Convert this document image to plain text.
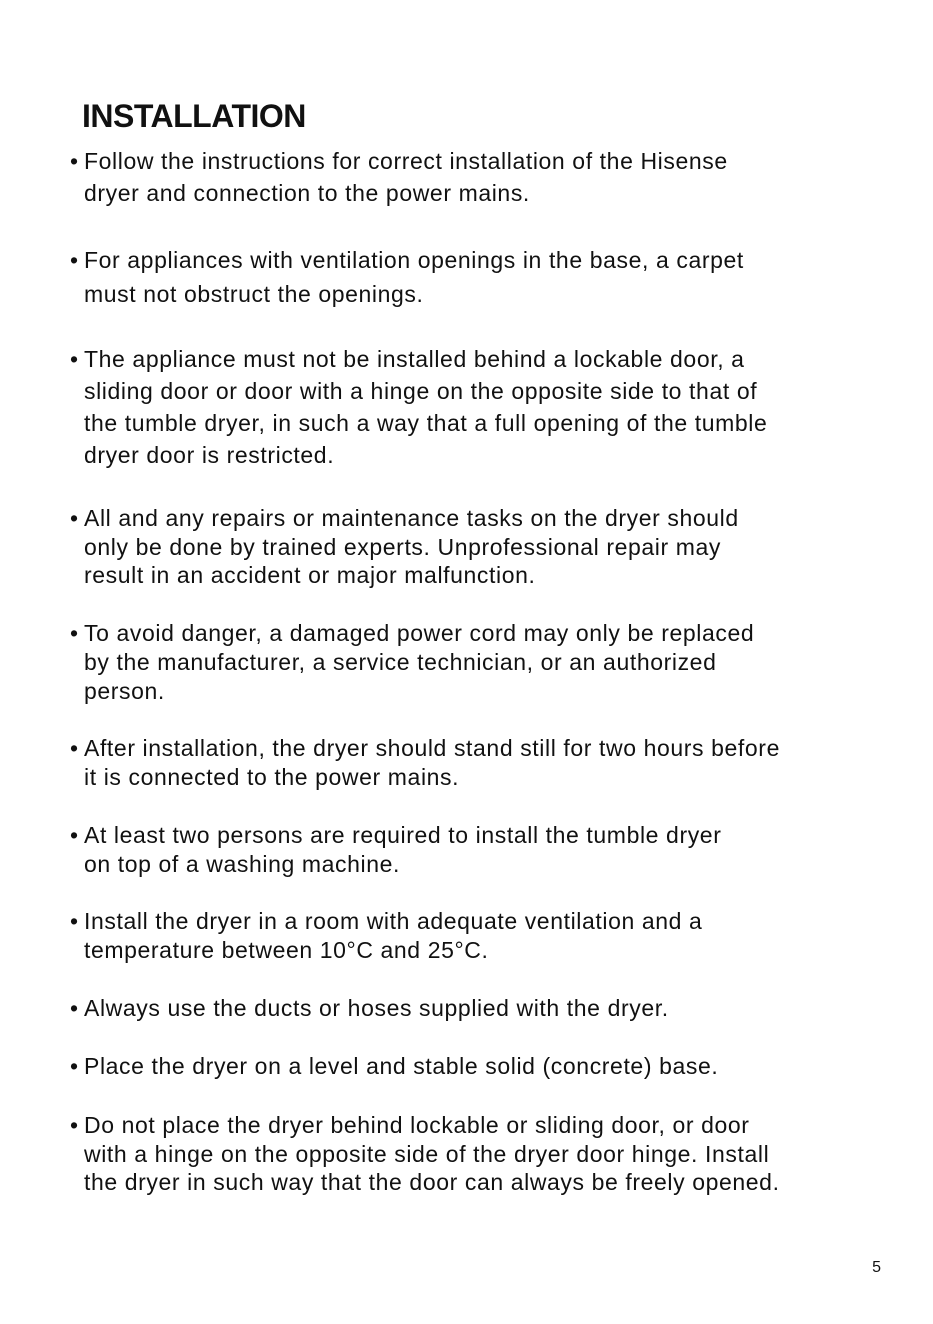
INSTALLATION
• Follow the instructions for correct installation of the Hisense
dryer and connection to the power mains.
• For appliances with ventilation openings in the base, a carpet
must not obstruct the openings.
• The appliance must not be installed behind a lockable door, a
sliding door or door with a hinge on the opposite side to that of
the tumble dryer, in such a way that a full opening of the tumble
dryer door is restricted.
• All and any repairs or maintenance tasks on the dryer should
only be done by trained experts. Unprofessional repair may
result in an accident or major malfunction.
• To avoid danger, a damaged power cord may only be replaced
by the manufacturer, a service technician, or an authorized
person.
• After installation, the dryer should stand still for two hours before
it is connected to the power mains.
• At least two persons are required to install the tumble dryer
on top of a washing machine.
• Install the dryer in a room with adequate ventilation and a
temperature between 10°C and 25°C.
• Always use the ducts or hoses supplied with the dryer.
• Place the dryer on a level and stable solid (concrete) base.
• Do not place the dryer behind lockable or sliding door, or door
with a hinge on the opposite side of the dryer door hinge. Install
the dryer in such way that the door can always be freely opened.
5
